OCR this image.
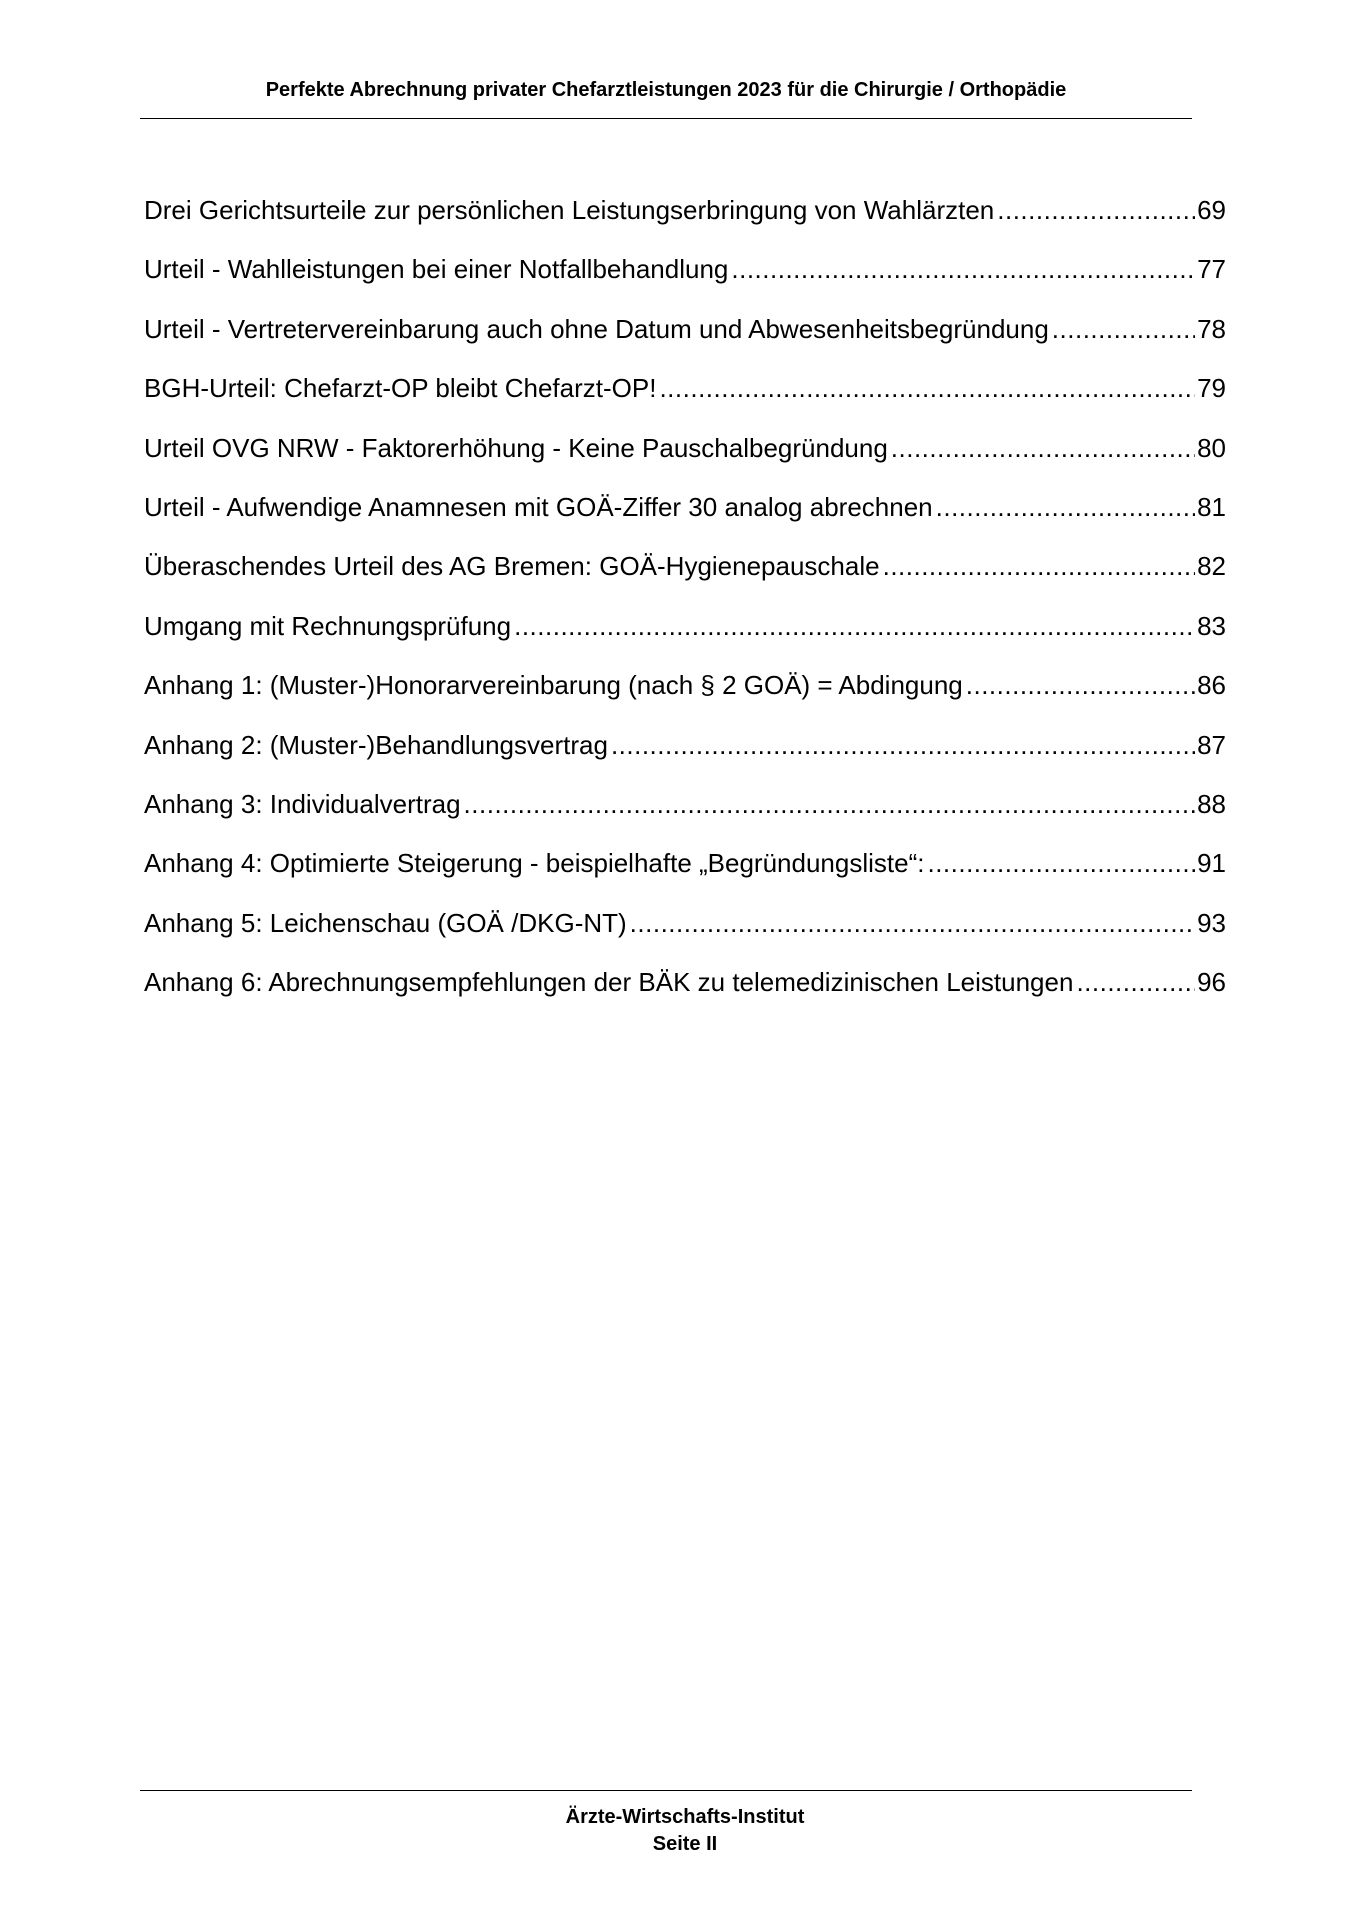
Perfekte Abrechnung privater Chefarztleistungen 2023 für die Chirurgie / Orthopädie
Drei Gerichtsurteile zur persönlichen Leistungserbringung von Wahlärzten .....	69
Urteil - Wahlleistungen bei einer Notfallbehandlung .....	77
Urteil - Vertretervereinbarung auch ohne Datum und Abwesenheitsbegründung .....	78
BGH-Urteil: Chefarzt-OP bleibt Chefarzt-OP! .....	79
Urteil OVG NRW - Faktorerhöhung - Keine Pauschalbegründung .....	80
Urteil - Aufwendige Anamnesen mit GOÄ-Ziffer 30 analog abrechnen .....	81
Überaschendes Urteil des AG Bremen: GOÄ-Hygienepauschale .....	82
Umgang mit Rechnungsprüfung .....	83
Anhang 1: (Muster-)Honorarvereinbarung (nach § 2 GOÄ) = Abdingung .....	86
Anhang 2: (Muster-)Behandlungsvertrag .....	87
Anhang 3: Individualvertrag .....	88
Anhang 4: Optimierte Steigerung - beispielhafte „Begründungsliste“: .....	91
Anhang 5: Leichenschau (GOÄ /DKG-NT) .....	93
Anhang 6: Abrechnungsempfehlungen der BÄK zu telemedizinischen Leistungen .....	96
Ärzte-Wirtschafts-Institut
Seite II
